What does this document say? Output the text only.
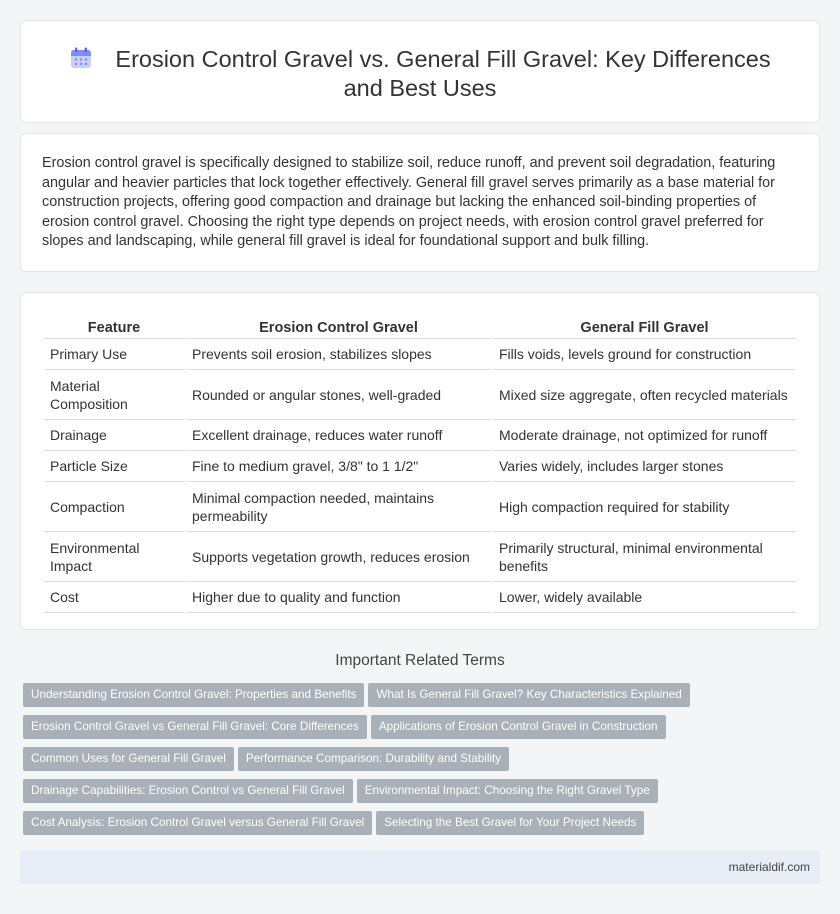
Erosion Control Gravel vs. General Fill Gravel: Key Differences and Best Uses

Erosion control gravel is specifically designed to stabilize soil, reduce runoff, and prevent soil degradation, featuring angular and heavier particles that lock together effectively. General fill gravel serves primarily as a base material for construction projects, offering good compaction and drainage but lacking the enhanced soil-binding properties of erosion control gravel. Choosing the right type depends on project needs, with erosion control gravel preferred for slopes and landscaping, while general fill gravel is ideal for foundational support and bulk filling.

Feature	Erosion Control Gravel	General Fill Gravel
Primary Use	Prevents soil erosion, stabilizes slopes	Fills voids, levels ground for construction
Material Composition	Rounded or angular stones, well-graded	Mixed size aggregate, often recycled materials
Drainage	Excellent drainage, reduces water runoff	Moderate drainage, not optimized for runoff
Particle Size	Fine to medium gravel, 3/8" to 1 1/2"	Varies widely, includes larger stones
Compaction	Minimal compaction needed, maintains permeability	High compaction required for stability
Environmental Impact	Supports vegetation growth, reduces erosion	Primarily structural, minimal environmental benefits
Cost	Higher due to quality and function	Lower, widely available
Important Related Terms
Understanding Erosion Control Gravel: Properties and Benefits What Is General Fill Gravel? Key Characteristics Explained
Erosion Control Gravel vs General Fill Gravel: Core Differences Applications of Erosion Control Gravel in Construction
Common Uses for General Fill Gravel Performance Comparison: Durability and Stability
Drainage Capabilities: Erosion Control vs General Fill Gravel Environmental Impact: Choosing the Right Gravel Type
Cost Analysis: Erosion Control Gravel versus General Fill Gravel Selecting the Best Gravel for Your Project Needs
materialdif.com
